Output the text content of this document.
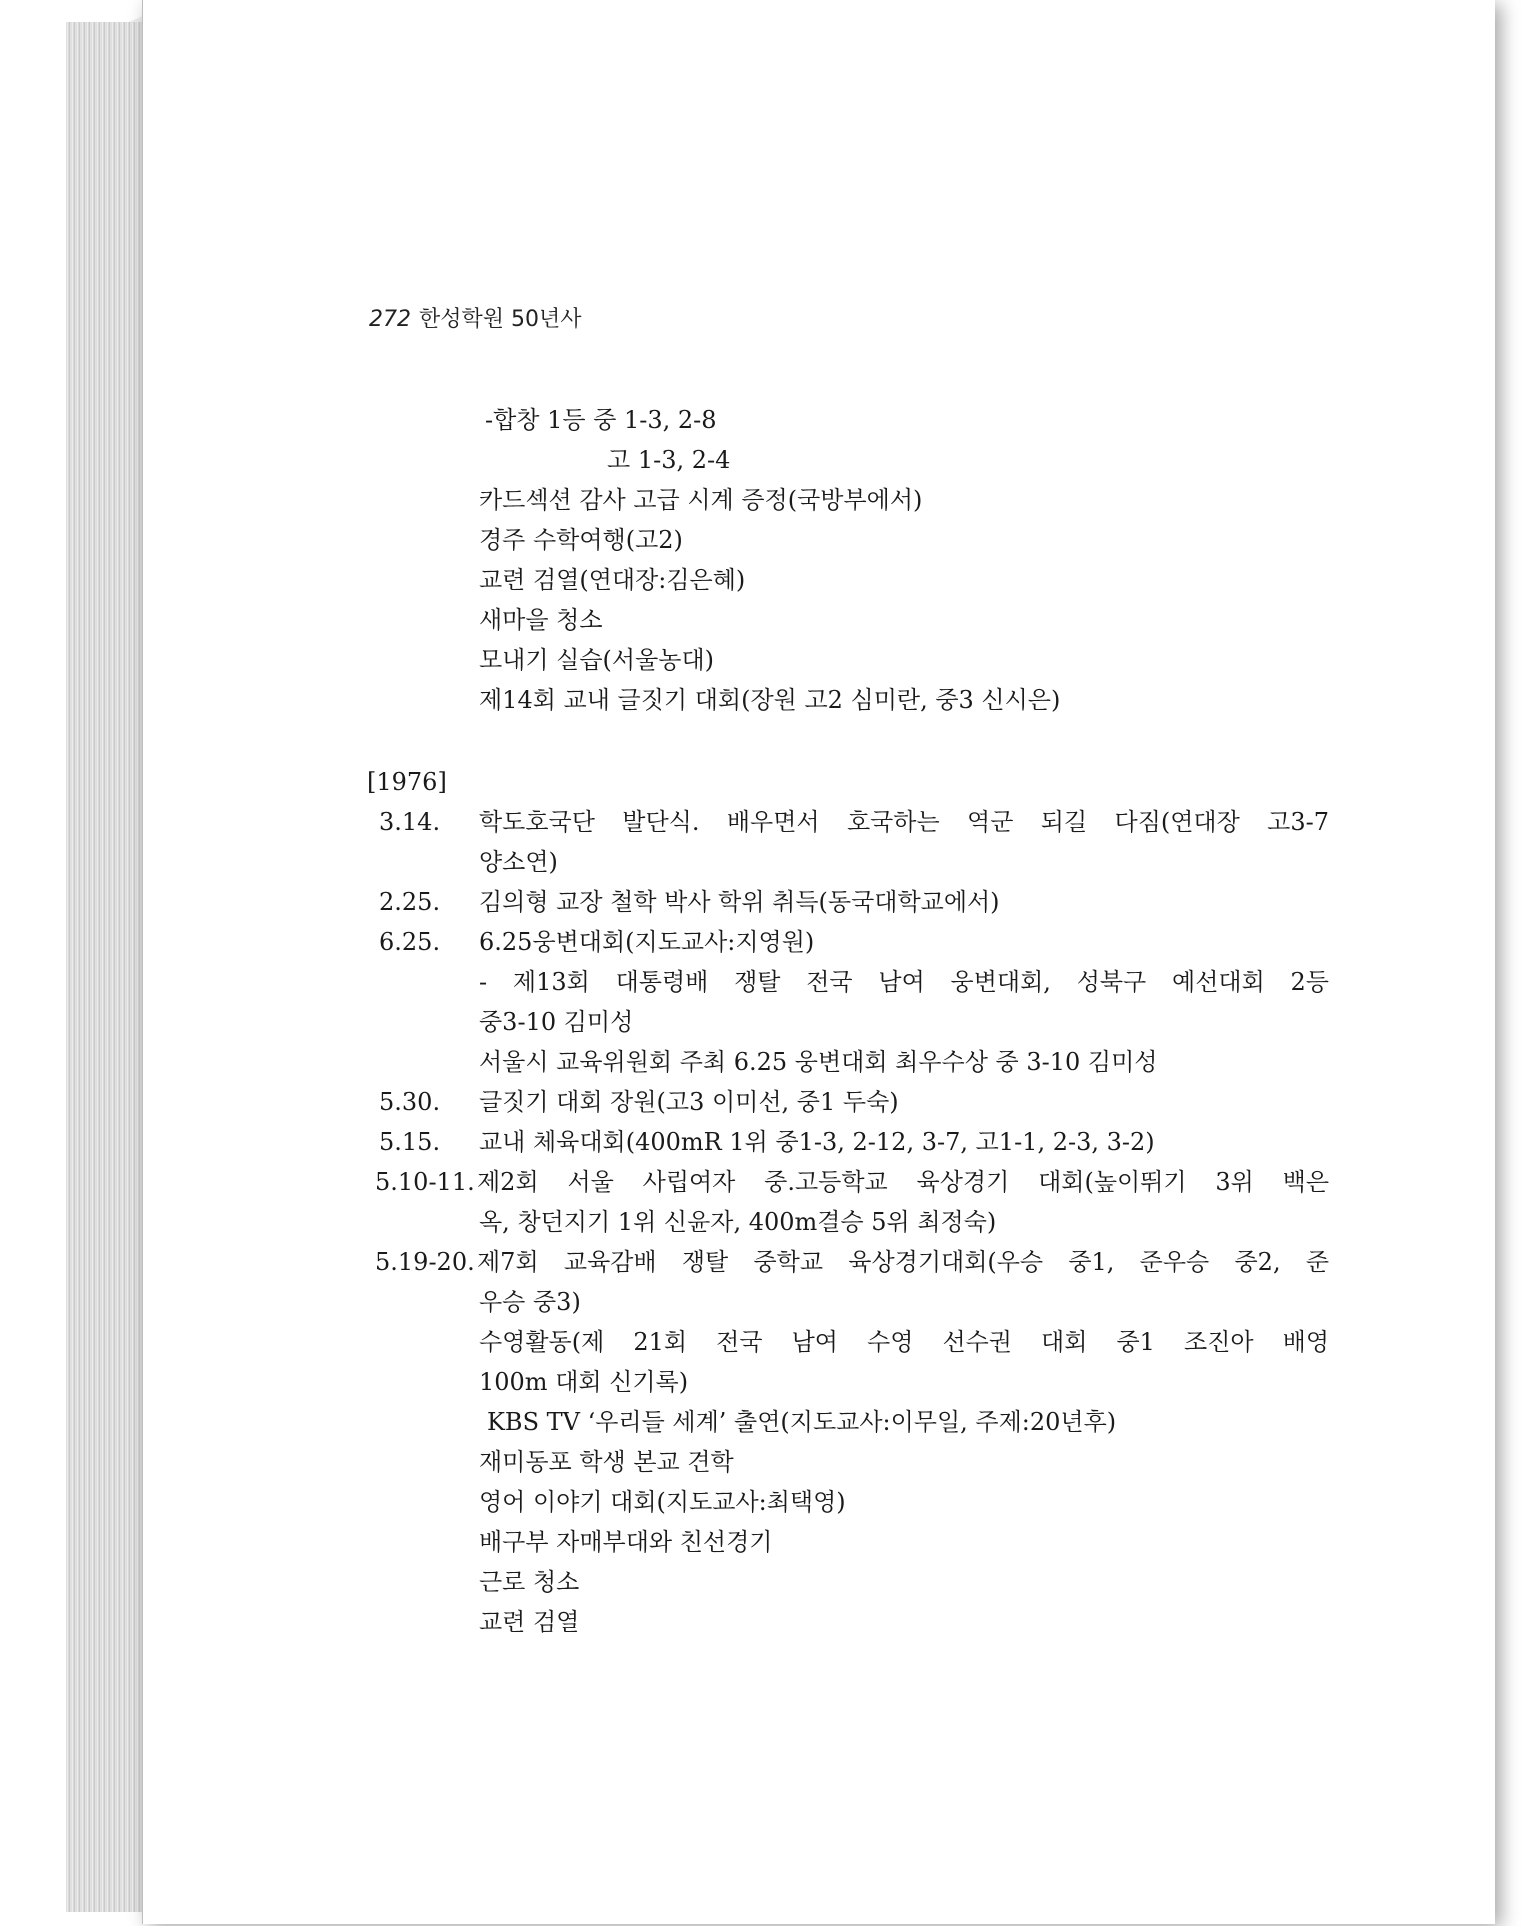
272 한성학원 50년사
-합창 1등 중 1-3, 2-8
고 1-3, 2-4
카드섹션 감사 고급 시계 증정(국방부에서)
경주 수학여행(고2)
교련 검열(연대장:김은혜)
새마을 청소
모내기 실습(서울농대)
제14회 교내 글짓기 대회(장원 고2 심미란, 중3 신시은)
[1976]
3.14. 학도호국단 발단식. 배우면서 호국하는 역군 되길 다짐(연대장 고3-7
양소연)
2.25. 김의형 교장 철학 박사 학위 취득(동국대학교에서)
6.25. 6.25웅변대회(지도교사:지영원)
- 제13회 대통령배 쟁탈 전국 남여 웅변대회, 성북구 예선대회 2등
중3-10 김미성
서울시 교육위원회 주최 6.25 웅변대회 최우수상 중 3-10 김미성
5.30. 글짓기 대회 장원(고3 이미선, 중1 두숙)
5.15. 교내 체육대회(400mR 1위 중1-3, 2-12, 3-7, 고1-1, 2-3, 3-2)
5.10-11. 제2회 서울 사립여자 중.고등학교 육상경기 대회(높이뛰기 3위 백은
옥, 창던지기 1위 신윤자, 400m결승 5위 최정숙)
5.19-20. 제7회 교육감배 쟁탈 중학교 육상경기대회(우승 중1, 준우승 중2, 준
우승 중3)
수영활동(제 21회 전국 남여 수영 선수권 대회 중1 조진아 배영
100m 대회 신기록)
KBS TV ‘우리들 세계’ 출연(지도교사:이무일, 주제:20년후)
재미동포 학생 본교 견학
영어 이야기 대회(지도교사:최택영)
배구부 자매부대와 친선경기
근로 청소
교련 검열
